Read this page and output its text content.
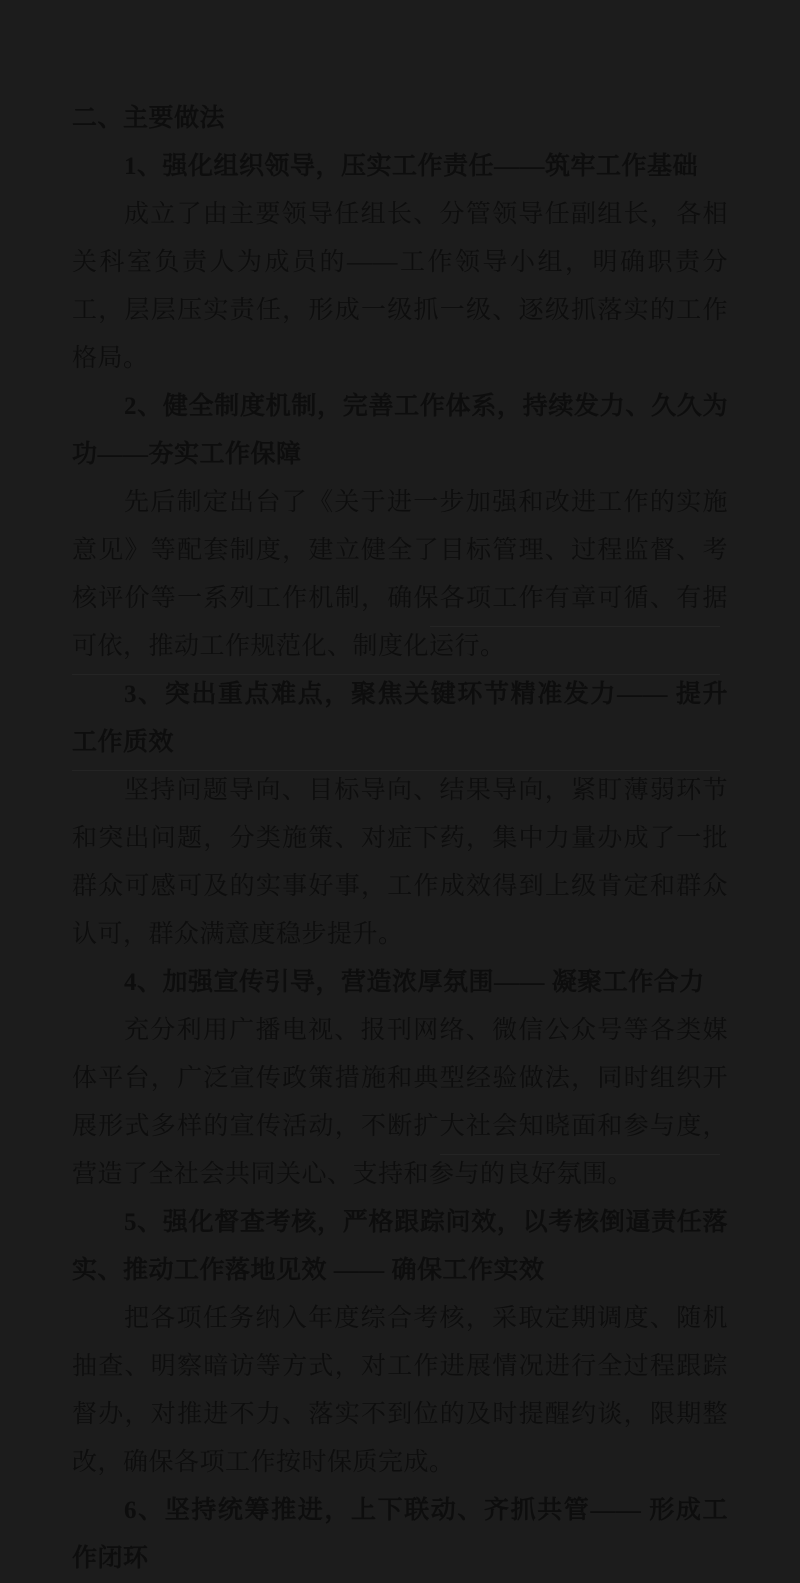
二、主要做法

1、强化组织领导，压实工作责任——筑牢工作基础

成立了由主要领导任组长、分管领导任副组长，各相关科室负责人为成员的——工作领导小组，明确职责分工，层层压实责任，形成一级抓一级、逐级抓落实的工作格局。

2、健全制度机制，完善工作体系，持续发力、久久为功——夯实工作保障

先后制定出台了《关于进一步加强和改进工作的实施意见》等配套制度，建立健全了目标管理、过程监督、考核评价等一系列工作机制，确保各项工作有章可循、有据可依，推动工作规范化、制度化运行。

3、突出重点难点，聚焦关键环节精准发力—— 提升工作质效

坚持问题导向、目标导向、结果导向，紧盯薄弱环节和突出问题，分类施策、对症下药，集中力量办成了一批群众可感可及的实事好事，工作成效得到上级肯定和群众认可，群众满意度稳步提升。

4、加强宣传引导，营造浓厚氛围—— 凝聚工作合力

充分利用广播电视、报刊网络、微信公众号等各类媒体平台，广泛宣传政策措施和典型经验做法，同时组织开展形式多样的宣传活动，不断扩大社会知晓面和参与度，营造了全社会共同关心、支持和参与的良好氛围。

5、强化督查考核，严格跟踪问效，以考核倒逼责任落实、推动工作落地见效 —— 确保工作实效

把各项任务纳入年度综合考核，采取定期调度、随机抽查、明察暗访等方式，对工作进展情况进行全过程跟踪督办，对推进不力、落实不到位的及时提醒约谈，限期整改，确保各项工作按时保质完成。

6、坚持统筹推进，上下联动、齐抓共管—— 形成工作闭环
